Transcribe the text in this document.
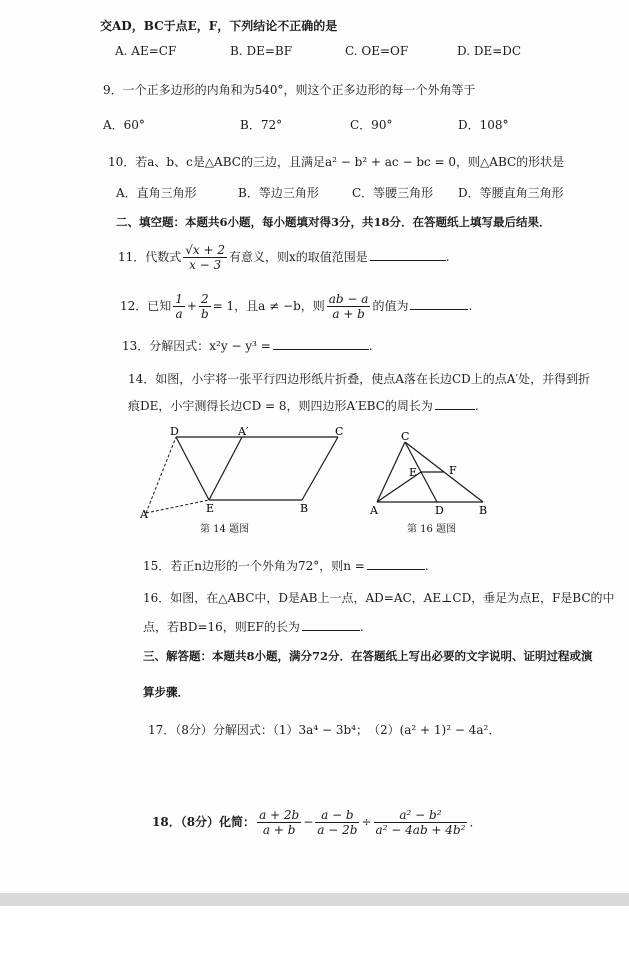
交AD，BC于点E，F，下列结论不正确的是
A. AE=CF	B. DE=BF	C. OE=OF	D. DE=DC
9．一个正多边形的内角和为540°，则这个正多边形的每一个外角等于
A．60°	B．72°	C．90°	D．108°
10．若a、b、c是△ABC的三边，且满足a² − b² + ac − bc = 0，则△ABC的形状是
A．直角三角形	B．等边三角形	C．等腰三角形 D．等腰直角三角形
二、填空题：本题共6小题，每小题填对得3分，共18分．在答题纸上填写最后结果．
11．代数式 $\frac{√x + 2}{x - 3}$ 有意义，则x的取值范围是	.
12．已知 $\frac{1}{a} + \frac{2}{b} = 1$，且a ≠ −b，则 $\frac{ab - a}{a + b}$ 的值为	.
13．分解因式：x²y − y³ =	.
14．如图，小宇将一张平行四边形纸片折叠，使点A落在长边CD上的点A′处，并得到折
痕DE，小宇测得长边CD = 8，则四边形A′EBC的周长为	.
D	A′	C
A	E	B
第 14 题图
C
E	F
A	D	B
第 16 题图
15．若正n边形的一个外角为72°，则n =	.
16．如图，在△ABC中，D是AB上一点，AD=AC，AE⊥CD，垂足为点E，F是BC的中
点，若BD=16，则EF的长为	.
三、解答题：本题共8小题，满分72分．在答题纸上写出必要的文字说明、证明过程或演
算步骤．
17．（8分）分解因式：（1）3a⁴ − 3b⁴；　（2）(a² + 1)² − 4a²．
18．（8分）化简： $\frac{a + 2b}{a + b} - \frac{a - b}{a - 2b} \div \frac{\text{a² − b²}}{\text{a² − 4ab + 4b²}}$ ．
